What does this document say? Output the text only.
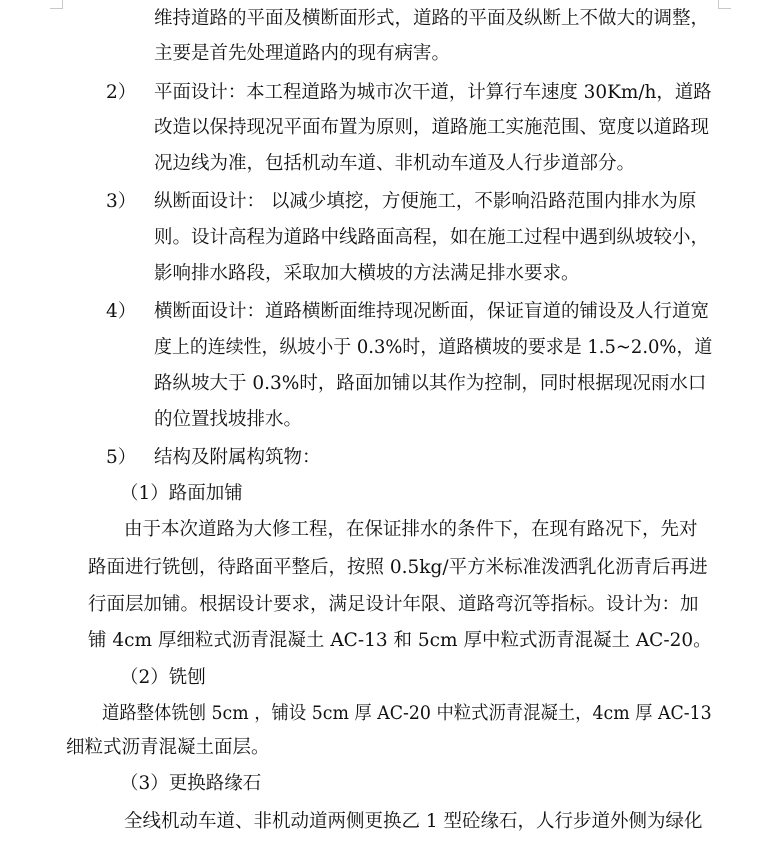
维持道路的平面及横断面形式，道路的平面及纵断上不做大的调整，
主要是首先处理道路内的现有病害。
2） 平面设计：本工程道路为城市次干道，计算行车速度 30Km/h，道路
改造以保持现况平面布置为原则，道路施工实施范围、宽度以道路现
况边线为准，包括机动车道、非机动车道及人行步道部分。
3） 纵断面设计： 以减少填挖，方便施工，不影响沿路范围内排水为原
则。设计高程为道路中线路面高程，如在施工过程中遇到纵坡较小，
影响排水路段，采取加大横坡的方法满足排水要求。
4） 横断面设计：道路横断面维持现况断面，保证盲道的铺设及人行道宽
度上的连续性，纵坡小于 0.3%时，道路横坡的要求是 1.5~2.0%，道
路纵坡大于 0.3%时，路面加铺以其作为控制，同时根据现况雨水口
的位置找坡排水。
5） 结构及附属构筑物：
（1）路面加铺
由于本次道路为大修工程，在保证排水的条件下，在现有路况下，先对
路面进行铣刨，待路面平整后，按照 0.5kg/平方米标准泼洒乳化沥青后再进
行面层加铺。根据设计要求，满足设计年限、道路弯沉等指标。设计为：加
铺 4cm 厚细粒式沥青混凝土 AC-13 和 5cm 厚中粒式沥青混凝土 AC-20。
（2）铣刨
道路整体铣刨 5cm ，铺设 5cm 厚 AC-20 中粒式沥青混凝土，4cm 厚 AC-13
细粒式沥青混凝土面层。
（3）更换路缘石
全线机动车道、非机动道两侧更换乙 1 型砼缘石，人行步道外侧为绿化
